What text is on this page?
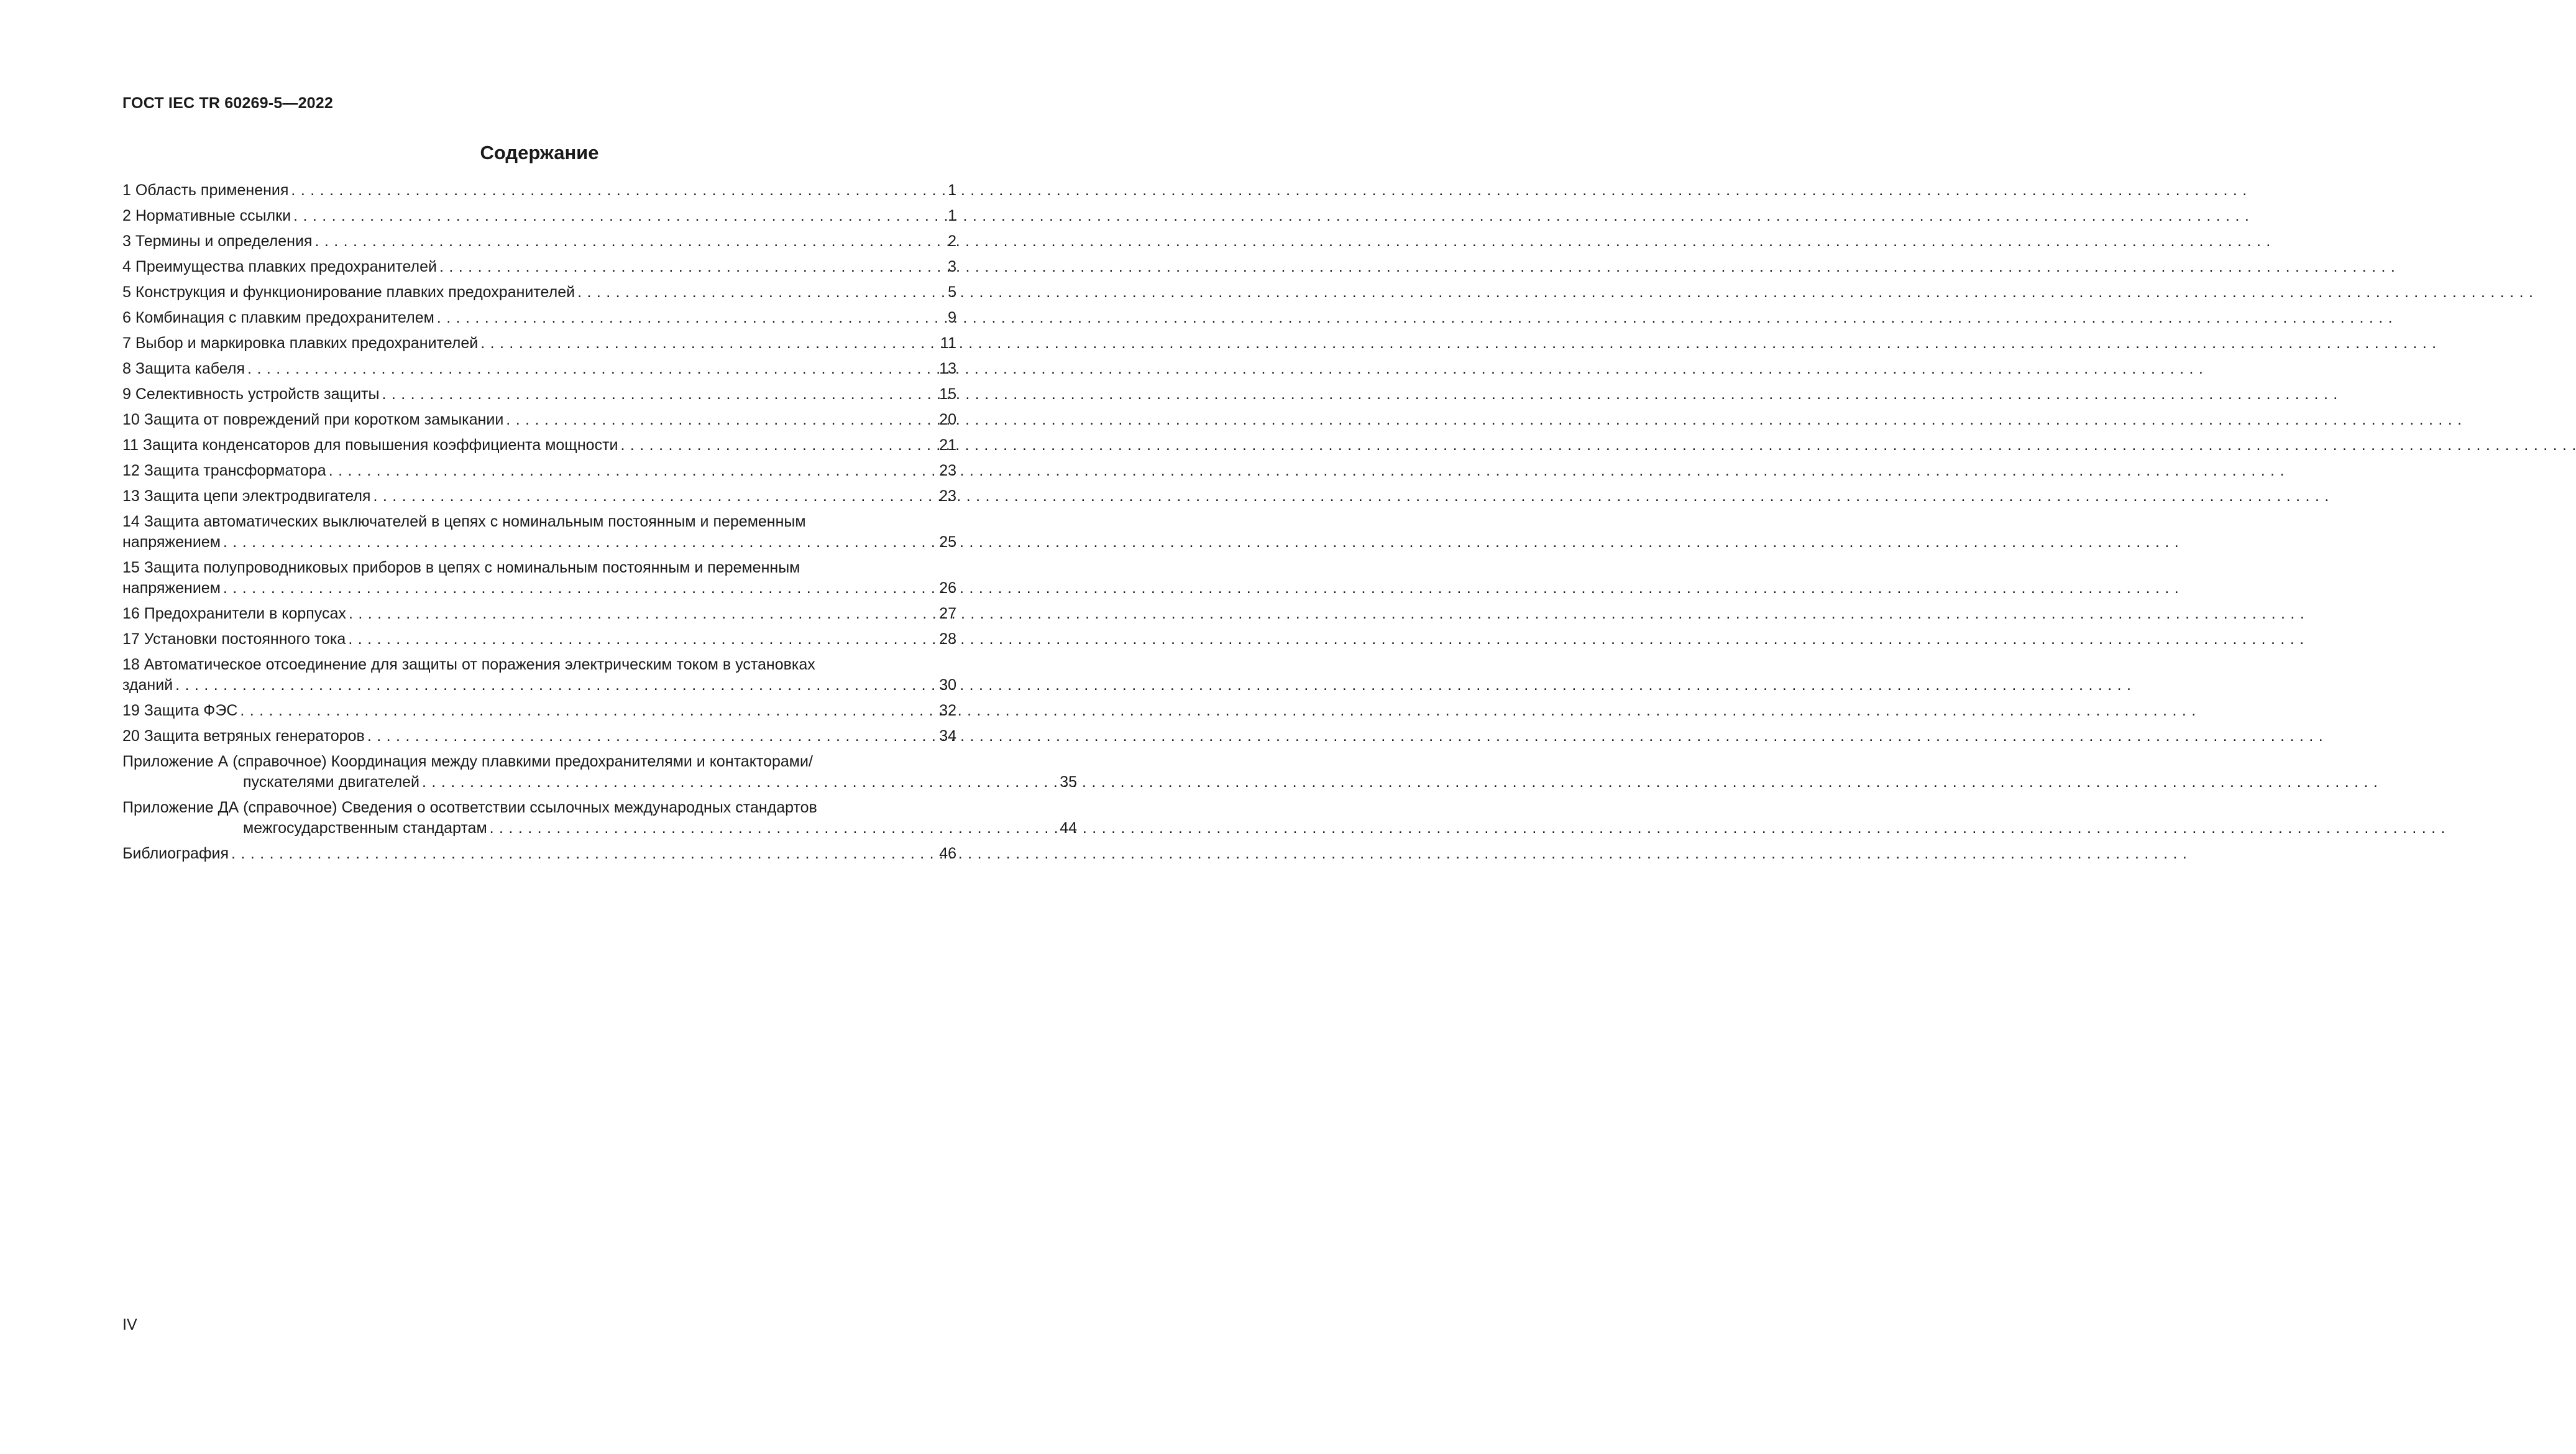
ГОСТ IEC TR 60269-5—2022
Содержание
1 Область применения . . .	1
2 Нормативные ссылки . . .	1
3 Термины и определения . . .	2
4 Преимущества плавких предохранителей . . .	3
5 Конструкция и функционирование плавких предохранителей . . .	5
6 Комбинация с плавким предохранителем . . .	9
7 Выбор и маркировка плавких предохранителей . . .	11
8 Защита кабеля . . .	13
9 Селективность устройств защиты . . .	15
10 Защита от повреждений при коротком замыкании . . .	20
11 Защита конденсаторов для повышения коэффициента мощности . . .	21
12 Защита трансформатора . . .	23
13 Защита цепи электродвигателя . . .	23
14 Защита автоматических выключателей в цепях с номинальным постоянным и переменным
напряжением . . .	25
15 Защита полупроводниковых приборов в цепях с номинальным постоянным и переменным
напряжением . . .	26
16 Предохранители в корпусах . . .	27
17 Установки постоянного тока . . .	28
18 Автоматическое отсоединение для защиты от поражения электрическим током в установках
зданий . . .	30
19 Защита ФЭС . . .	32
20 Защита ветряных генераторов . . .	34
Приложение А (справочное) Координация между плавкими предохранителями и контакторами/
пускателями двигателей . . .	35
Приложение ДА (справочное) Сведения о осответствии ссылочных международных стандартов
межгосударственным стандартам . . .	44
Библиография . . .	46
IV
